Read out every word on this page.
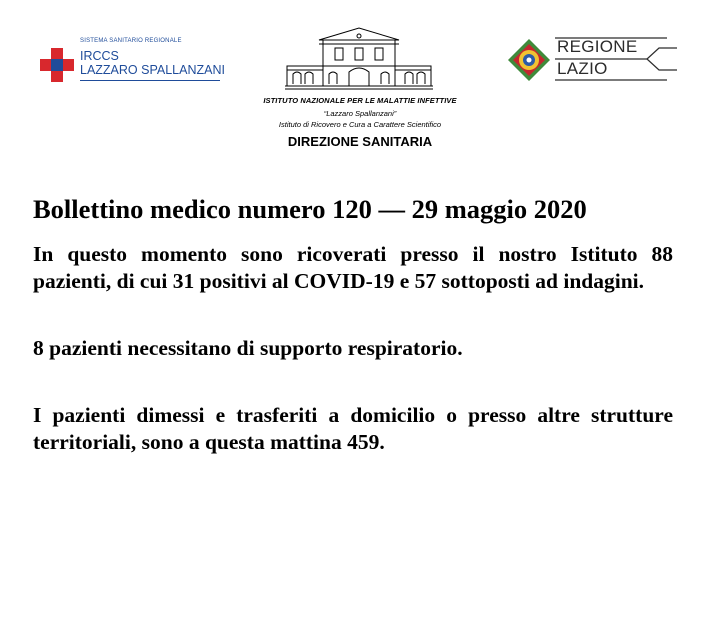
SISTEMA SANITARIO REGIONALE
IRCCS
LAZZARO SPALLANZANI
ISTITUTO NAZIONALE PER LE MALATTIE INFETTIVE
“Lazzaro Spallanzani”
Istituto di Ricovero e Cura a Carattere Scientifico
DIREZIONE SANITARIA
REGIONE
LAZIO

Bollettino medico numero 120 — 29 maggio 2020

In questo momento sono ricoverati presso il nostro Istituto 88 pazienti, di cui 31 positivi al COVID-19 e 57 sottoposti ad indagini.

8 pazienti necessitano di supporto respiratorio.

I pazienti dimessi e trasferiti a domicilio o presso altre strutture territoriali, sono a questa mattina 459.
